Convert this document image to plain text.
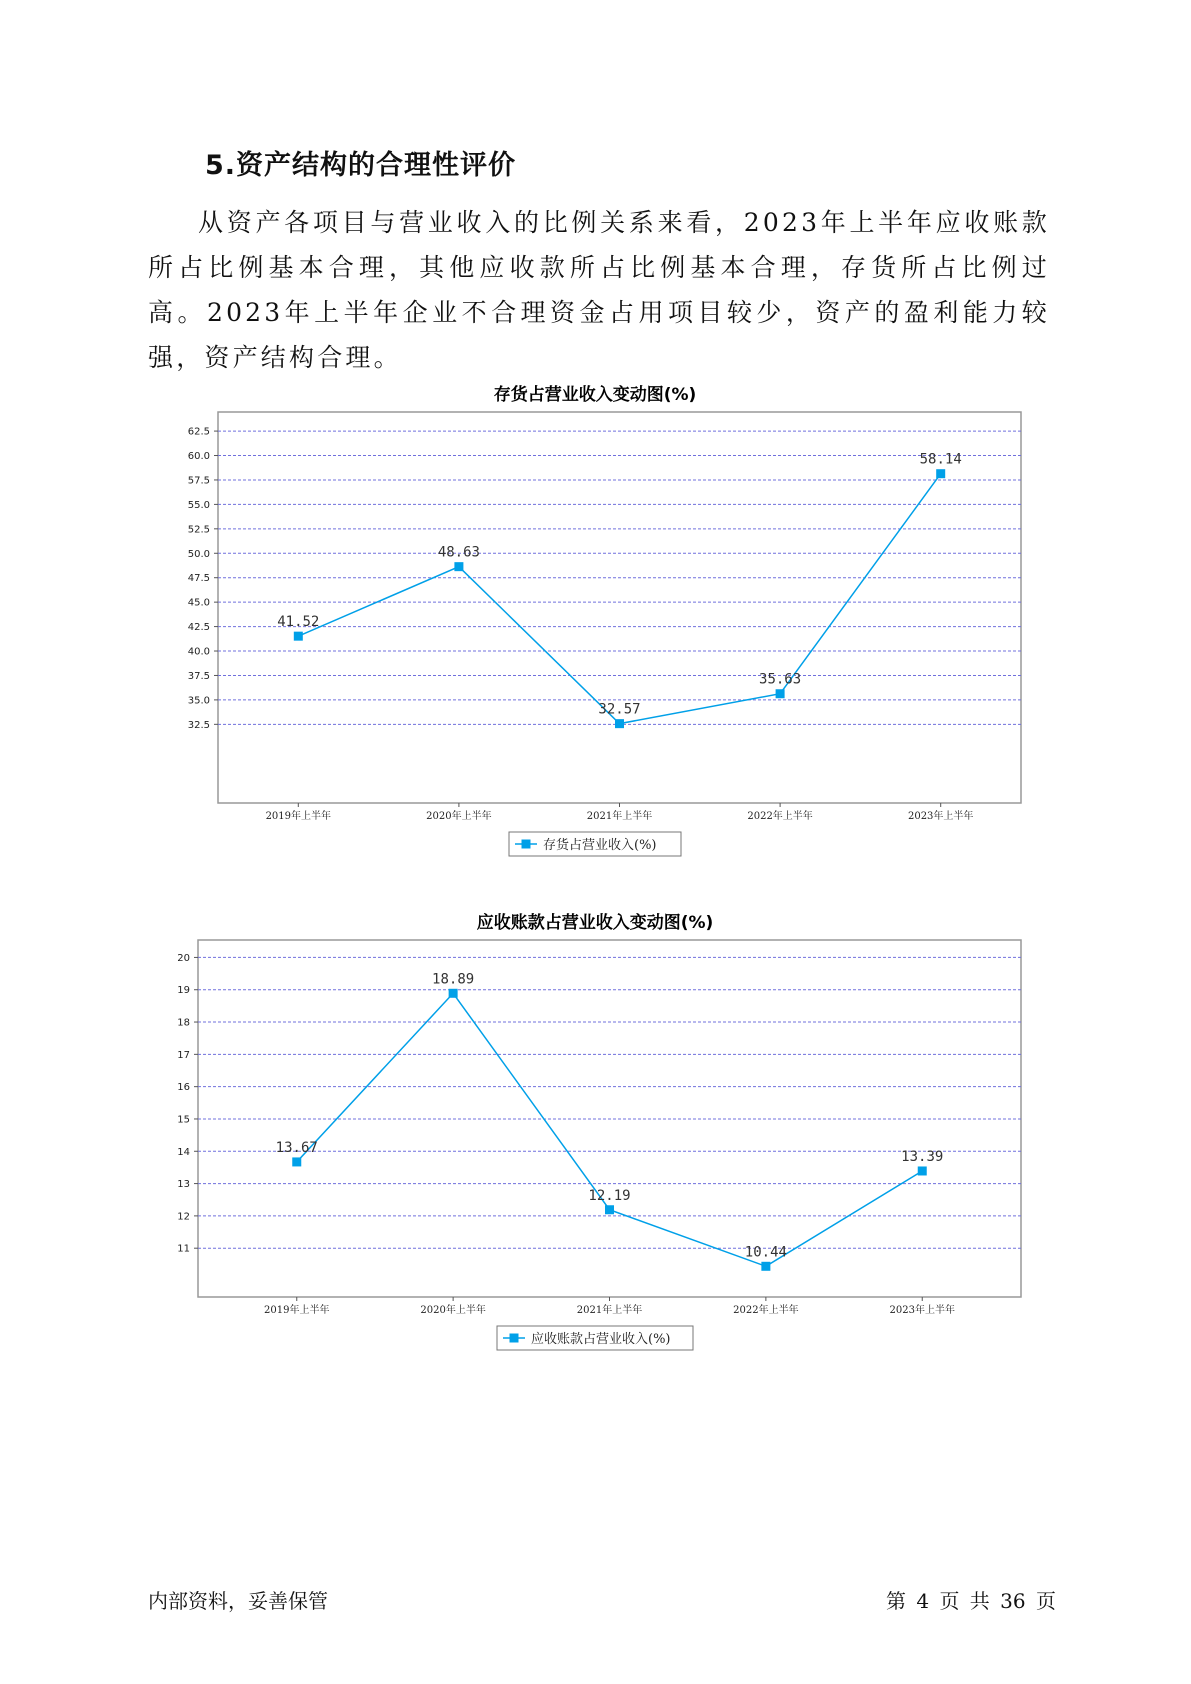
5.资产结构的合理性评价

从资产各项目与营业收入的比例关系来看，2023年上半年应收账款所占比例基本合理，其他应收款所占比例基本合理，存货所占比例过高。2023年上半年企业不合理资金占用项目较少，资产的盈利能力较强，资产结构合理。

存货占营业收入变动图(%)
62.5
60.0
57.5
55.0
52.5
50.0
47.5
45.0
42.5
40.0
37.5
35.0
32.5
2019年上半年	2020年上半年	2021年上半年	2022年上半年	2023年上半年
41.52
48.63
32.57
35.63
58.14
存货占营业收入(%)
应收账款占营业收入变动图(%)
20
19
18
17
16
15
14
13
12
11
2019年上半年	2020年上半年	2021年上半年	2022年上半年	2023年上半年
13.67
18.89
12.19
10.44
13.39
应收账款占营业收入(%)

内部资料，妥善保管	第 4 页 共 36 页
